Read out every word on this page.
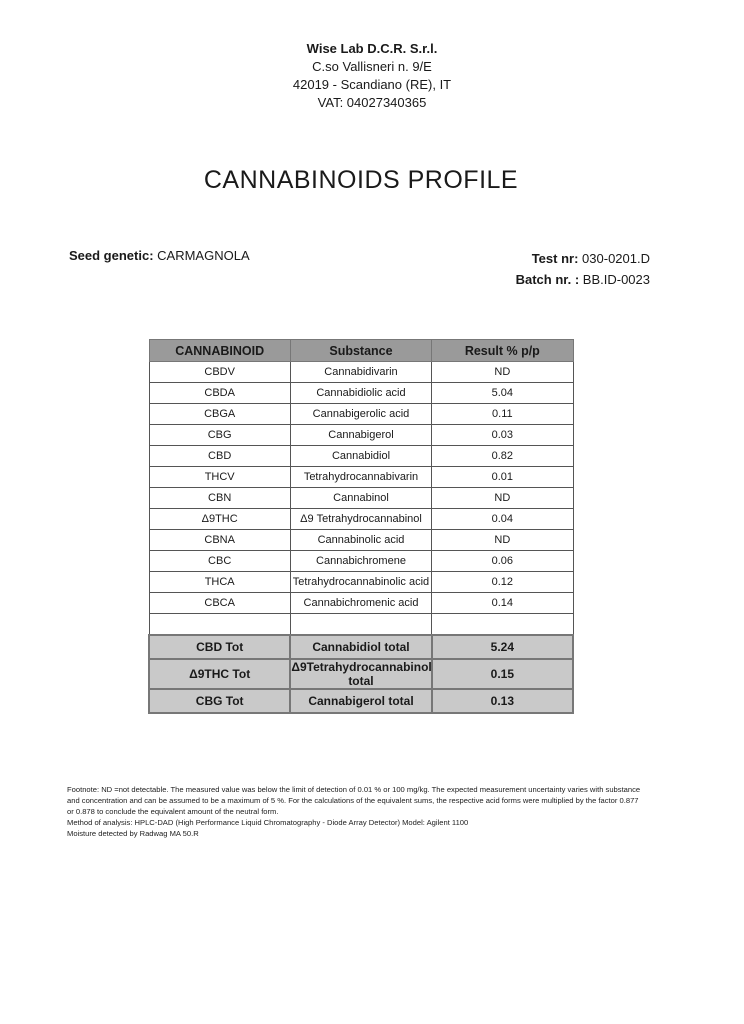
Wise Lab D.C.R. S.r.l.
C.so Vallisneri n. 9/E
42019 - Scandiano (RE), IT
VAT: 04027340365
CANNABINOIDS PROFILE
Seed genetic: CARMAGNOLA	Test nr: 030-0201.D
Batch nr. : BB.ID-0023
CANNABINOID	Substance	Result % p/p
CBDV	Cannabidivarin	ND
CBDA	Cannabidiolic acid	5.04
CBGA	Cannabigerolic acid	0.11
CBG	Cannabigerol	0.03
CBD	Cannabidiol	0.82
THCV	Tetrahydrocannabivarin	0.01
CBN	Cannabinol	ND
Δ9THC	Δ9 Tetrahydrocannabinol	0.04
CBNA	Cannabinolic acid	ND
CBC	Cannabichromene	0.06
THCA	Tetrahydrocannabinolic acid	0.12
CBCA	Cannabichromenic acid	0.14

CBD Tot	Cannabidiol total	5.24
Δ9THC Tot	Δ9Tetrahydrocannabinol total	0.15
CBG Tot	Cannabigerol total	0.13
Footnote: ND =not detectable. The measured value was below the limit of detection of 0.01 % or 100 mg/kg. The expected measurement uncertainty varies with substance and concentration and can be assumed to be a maximum of 5 %. For the calculations of the equivalent sums, the respective acid forms were multiplied by the factor 0.877 or 0.878 to conclude the equivalent amount of the neutral form.
Method of analysis: HPLC-DAD (High Performance Liquid Chromatography - Diode Array Detector) Model: Agilent 1100
Moisture detected by Radwag MA 50.R
